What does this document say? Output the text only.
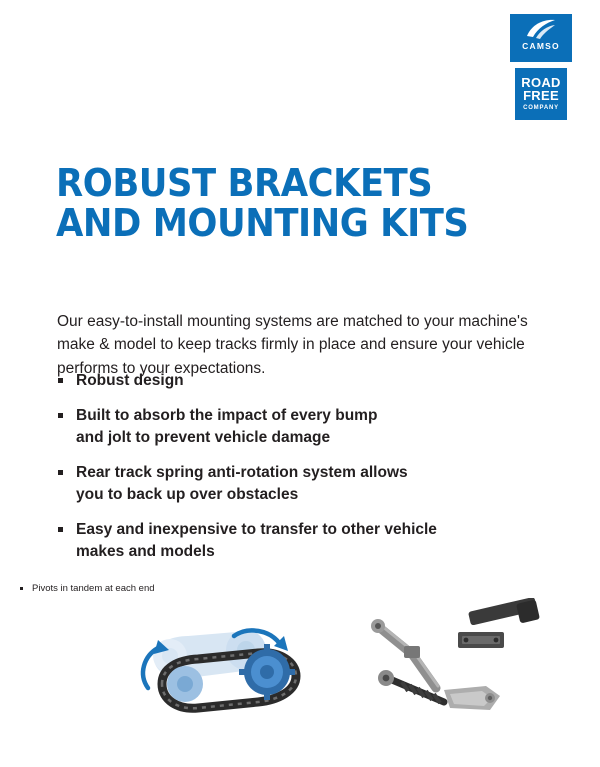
CAMSO
ROAD
FREE
COMPANY
ROBUST BRACKETS
AND MOUNTING KITS

Our easy-to-install mounting systems are matched to your machine's make & model to keep tracks firmly in place and ensure your vehicle performs to your expectations.

Robust design
Built to absorb the impact of every bump
and jolt to prevent vehicle damage
Rear track spring anti-rotation system allows
you to back up over obstacles
Easy and inexpensive to transfer to other vehicle
makes and models
Pivots in tandem at each end
